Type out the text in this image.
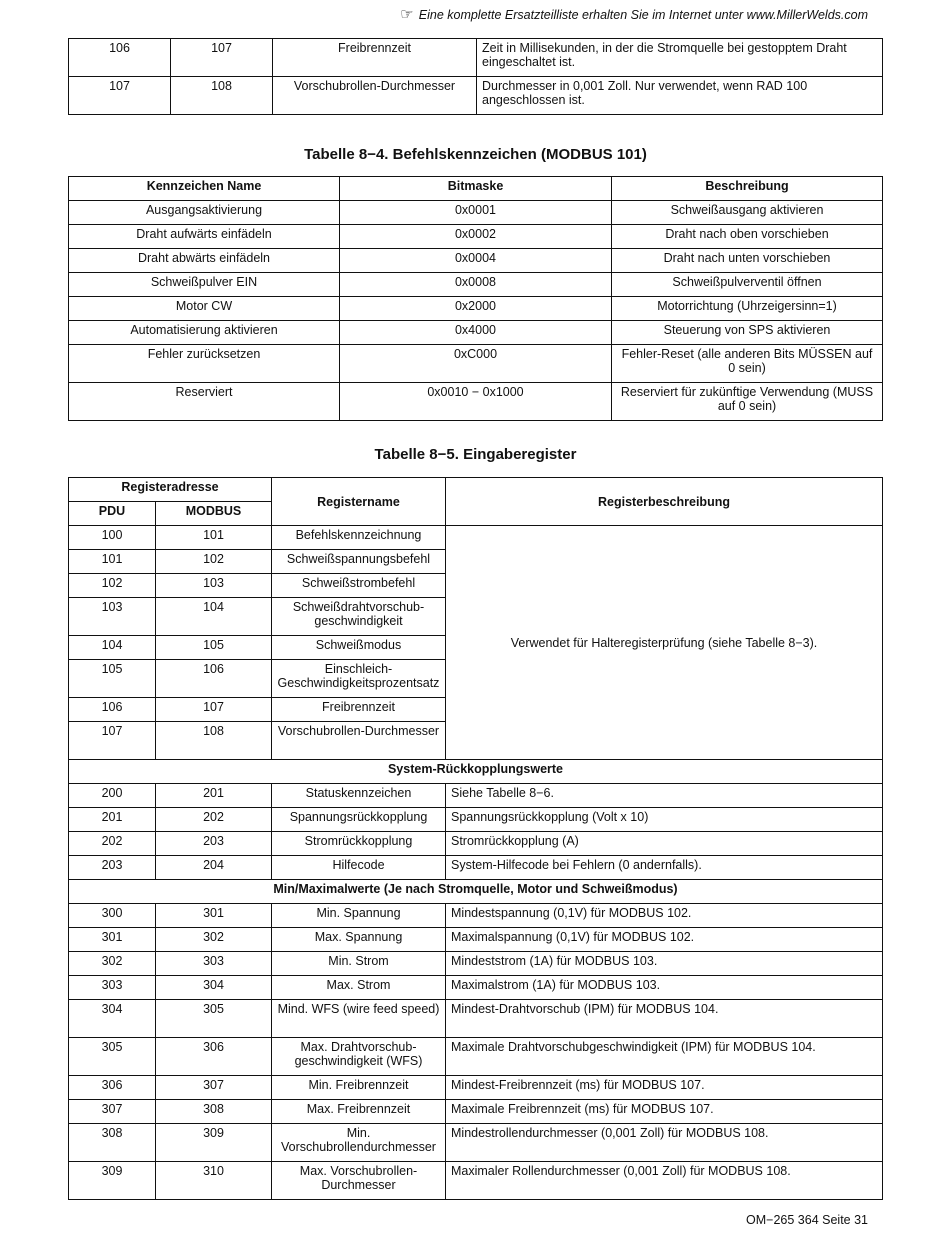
☞ Eine komplette Ersatzteilliste erhalten Sie im Internet unter www.MillerWelds.com
106	107	Freibrennzeit	Zeit in Millisekunden, in der die Stromquelle bei gestopptem Draht eingeschaltet ist.
107	108	Vorschubrollen-Durchmesser	Durchmesser in 0,001 Zoll. Nur verwendet, wenn RAD 100 angeschlossen ist.
Tabelle 8−4. Befehlskennzeichen (MODBUS 101)
Kennzeichen Name	Bitmaske	Beschreibung
Ausgangsaktivierung	0x0001	Schweißausgang aktivieren
Draht aufwärts einfädeln	0x0002	Draht nach oben vorschieben
Draht abwärts einfädeln	0x0004	Draht nach unten vorschieben
Schweißpulver EIN	0x0008	Schweißpulverventil öffnen
Motor CW	0x2000	Motorrichtung (Uhrzeigersinn=1)
Automatisierung aktivieren	0x4000	Steuerung von SPS aktivieren
Fehler zurücksetzen	0xC000	Fehler-Reset (alle anderen Bits MÜSSEN auf 0 sein)
Reserviert	0x0010 − 0x1000	Reserviert für zukünftige Verwendung (MUSS auf 0 sein)
Tabelle 8−5. Eingaberegister
Registeradresse		Registername	Registerbeschreibung
PDU	MODBUS		
100	101	Befehlskennzeichnung	Verwendet für Halteregisterprüfung (siehe Tabelle 8−3).
101	102	Schweißspannungsbefehl	
102	103	Schweißstrombefehl	
103	104	Schweißdrahtvorschub-geschwindigkeit	
104	105	Schweißmodus	
105	106	Einschleich-Geschwindigkeitsprozentsatz	
106	107	Freibrennzeit	
107	108	Vorschubrollen-Durchmesser	
System-Rückkopplungswerte			
200	201	Statuskennzeichen	Siehe Tabelle 8−6.
201	202	Spannungsrückkopplung	Spannungsrückkopplung (Volt x 10)
202	203	Stromrückkopplung	Stromrückkopplung (A)
203	204	Hilfecode	System-Hilfecode bei Fehlern (0 andernfalls).
Min/Maximalwerte (Je nach Stromquelle, Motor und Schweißmodus)			
300	301	Min. Spannung	Mindestspannung (0,1V) für MODBUS 102.
301	302	Max. Spannung	Maximalspannung (0,1V) für MODBUS 102.
302	303	Min. Strom	Mindeststrom (1A) für MODBUS 103.
303	304	Max. Strom	Maximalstrom (1A) für MODBUS 103.
304	305	Mind. WFS (wire feed speed)	Mindest-Drahtvorschub (IPM) für MODBUS 104.
305	306	Max. Drahtvorschub-geschwindigkeit (WFS)	Maximale Drahtvorschubgeschwindigkeit (IPM) für MODBUS 104.
306	307	Min. Freibrennzeit	Mindest-Freibrennzeit (ms) für MODBUS 107.
307	308	Max. Freibrennzeit	Maximale Freibrennzeit (ms) für MODBUS 107.
308	309	Min. Vorschubrollendurchmesser	Mindestrollendurchmesser (0,001 Zoll) für MODBUS 108.
309	310	Max. Vorschubrollen-Durchmesser	Maximaler Rollendurchmesser (0,001 Zoll) für MODBUS 108.
OM−265 364 Seite 31
